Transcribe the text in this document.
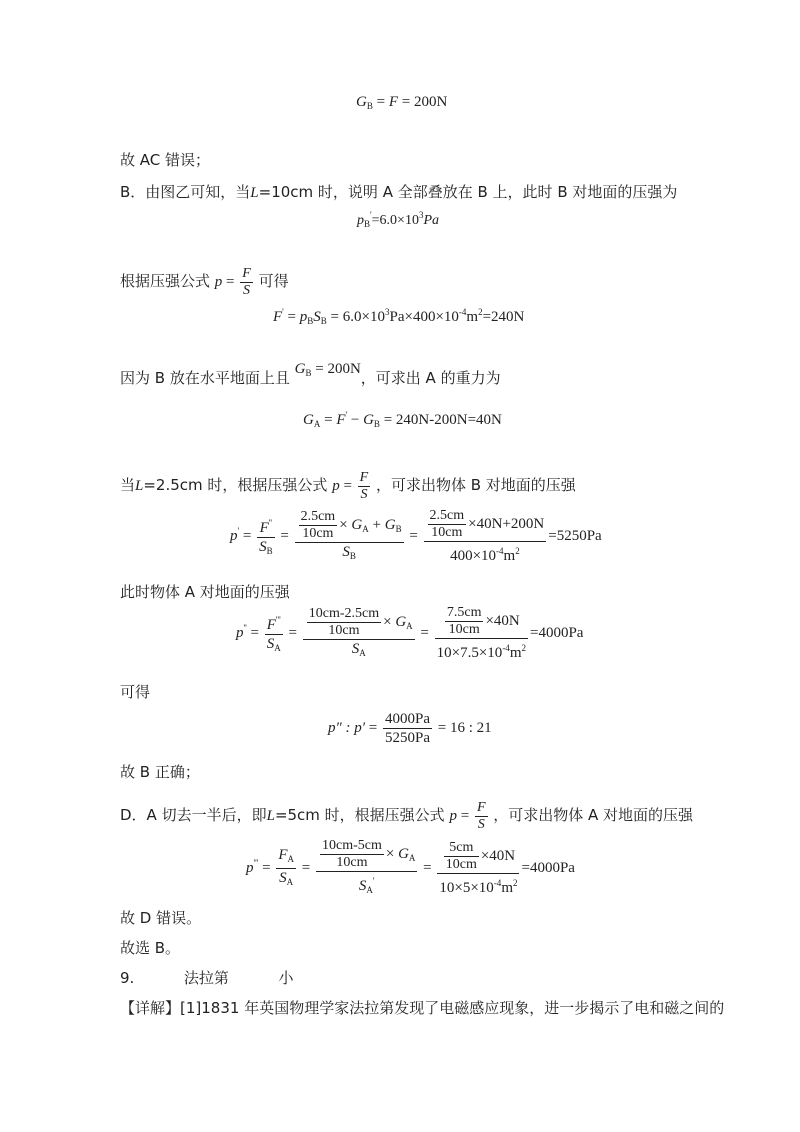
$G_B = F = 200N$
故 AC 错误；
B．由图乙可知，当L=10cm 时，说明 A 全部叠放在 B 上，此时 B 对地面的压强为
$p_B'=6.0\times 10^3Pa$
根据压强公式 $p = \frac{F}{S}$ 可得
$F' = p_BS_B = 6.0\times 10^3Pa\times 400\times 10^{-4}m^2=240N$
因为 B 放在水平地面上且 $G_B = 200N$，可求出 A 的重力为
$G_A = F' - G_B = 240N-200N=40N$
当L=2.5cm 时，根据压强公式 $p = \frac{F}{S}$ ，可求出物体 B 对地面的压强
$p' = \frac{F''}{S_B} = \frac{\frac{2.5cm}{10cm} \times G_A + G_B}{S_B} = \frac{\frac{2.5cm}{10cm} \times 40N+200N}{400\times 10^{-4}m^2} =5250Pa$
此时物体 A 对地面的压强
$p'' = \frac{F'''}{S_A} = \frac{\frac{10cm-2.5cm}{10cm} \times G_A}{S_A} = \frac{\frac{7.5cm}{10cm} \times 40N}{10\times 7.5\times 10^{-4}m^2} =4000Pa$
可得
p″ : $p' = \frac{4000Pa}{5250Pa} = 16$ : 21
故 B 正确；
D．A 切去一半后，即L=5cm 时，根据压强公式 $p = \frac{F}{S}$ ，可求出物体 A 对地面的压强
$p''' = \frac{F_A}{S_A} = \frac{\frac{10cm-5cm}{10cm} \times G_A}{S_A'} = \frac{\frac{5cm}{10cm} \times 40N}{10\times 5\times 10^{-4}m^2} =4000Pa$
故 D 错误。
故选 B。
9.	法拉第	小
【详解】[1]1831 年英国物理学家法拉第发现了电磁感应现象，进一步揭示了电和磁之间的
